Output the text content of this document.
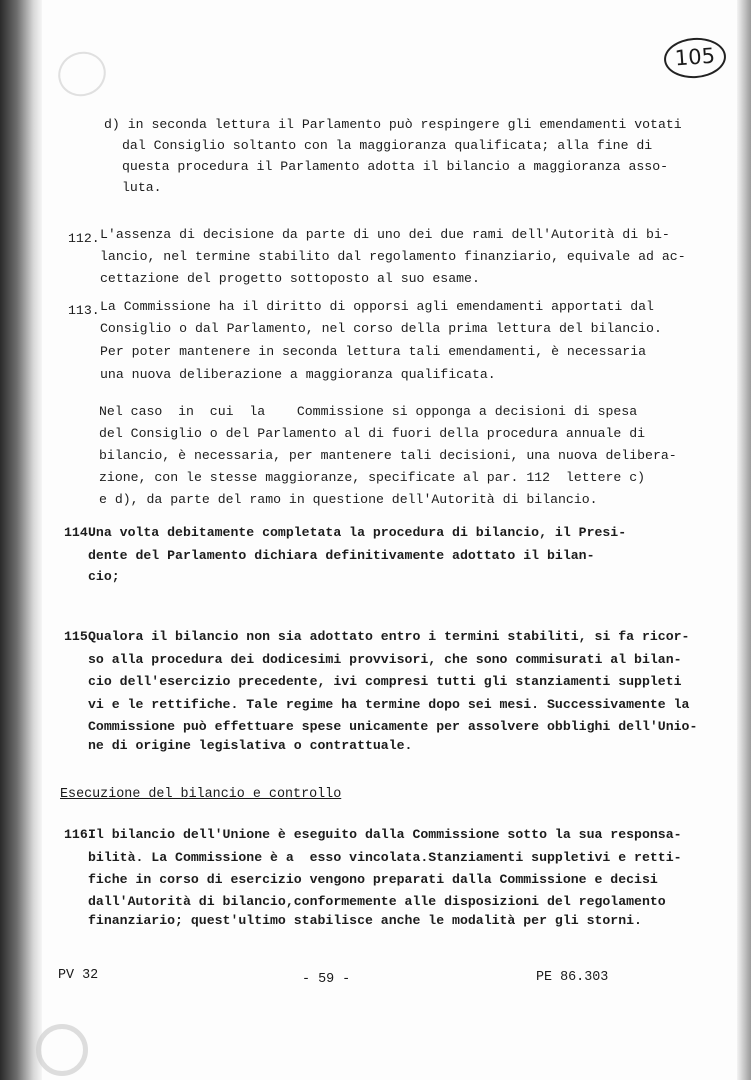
105
d) in seconda lettura il Parlamento può respingere gli emendamenti votati
dal Consiglio soltanto con la maggioranza qualificata; alla fine di
questa procedura il Parlamento adotta il bilancio a maggioranza asso-
luta.
112. L'assenza di decisione da parte di uno dei due rami dell'Autorità di bi-
lancio, nel termine stabilito dal regolamento finanziario, equivale ad ac-
cettazione del progetto sottoposto al suo esame.
113. La Commissione ha il diritto di opporsi agli emendamenti apportati dal
Consiglio o dal Parlamento, nel corso della prima lettura del bilancio.
Per poter mantenere in seconda lettura tali emendamenti, è necessaria
una nuova deliberazione a maggioranza qualificata.
Nel caso  in  cui  la    Commissione si opponga a decisioni di spesa
del Consiglio o del Parlamento al di fuori della procedura annuale di
bilancio, è necessaria, per mantenere tali decisioni, una nuova delibera-
zione, con le stesse maggioranze, specificate al par. 112  lettere c)
e d), da parte del ramo in questione dell'Autorità di bilancio.
114.
Una volta debitamente completata la procedura di bilancio, il Presi-
dente del Parlamento dichiara definitivamente adottato il bilan-
cio;
115.
Qualora il bilancio non sia adottato entro i termini stabiliti, si fa ricor-
so alla procedura dei dodicesimi provvisori, che sono commisurati al bilan-
cio dell'esercizio precedente, ivi compresi tutti gli stanziamenti suppleti
vi e le rettifiche. Tale regime ha termine dopo sei mesi. Successivamente la
Commissione può effettuare spese unicamente per assolvere obblighi dell'Unio-
ne di origine legislativa o contrattuale.
Esecuzione del bilancio e controllo
116.
Il bilancio dell'Unione è eseguito dalla Commissione sotto la sua responsa-
bilità. La Commissione è a  esso vincolata.Stanziamenti suppletivi e retti-
fiche in corso di esercizio vengono preparati dalla Commissione e decisi
dall'Autorità di bilancio,conformemente alle disposizioni del regolamento
finanziario; quest'ultimo stabilisce anche le modalità per gli storni.
PV 32	- 59 -	PE 86.303
